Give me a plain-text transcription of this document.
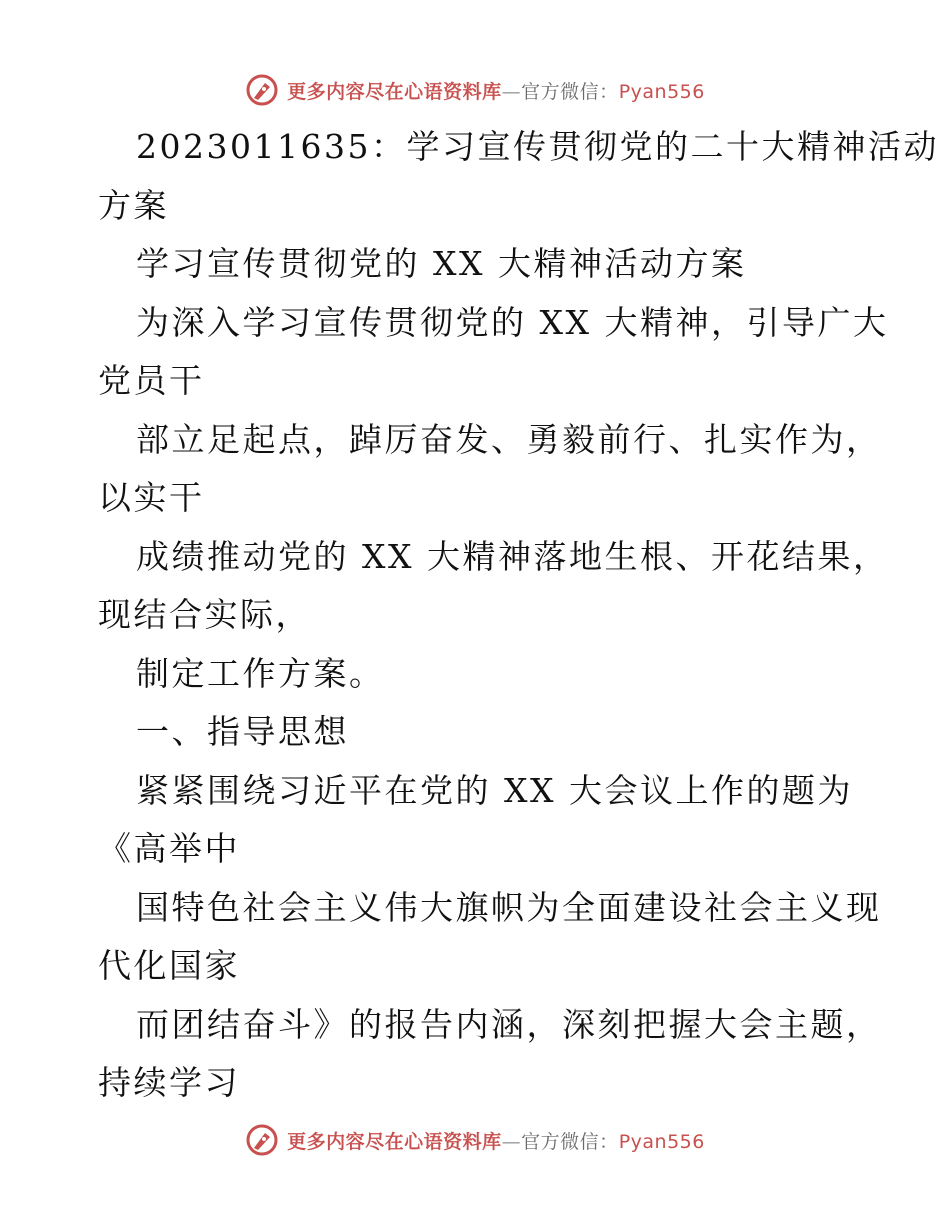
更多内容尽在心语资料库—官方微信：Pyan556
2023011635：学习宣传贯彻党的二十大精神活动
方案
学习宣传贯彻党的 XX 大精神活动方案
为深入学习宣传贯彻党的 XX 大精神，引导广大
党员干
部立足起点，踔厉奋发、勇毅前行、扎实作为，
以实干
成绩推动党的 XX 大精神落地生根、开花结果，
现结合实际，
制定工作方案。
一、指导思想
紧紧围绕习近平在党的 XX 大会议上作的题为
《高举中
国特色社会主义伟大旗帜为全面建设社会主义现
代化国家
而团结奋斗》的报告内涵，深刻把握大会主题，
持续学习
更多内容尽在心语资料库—官方微信：Pyan556
